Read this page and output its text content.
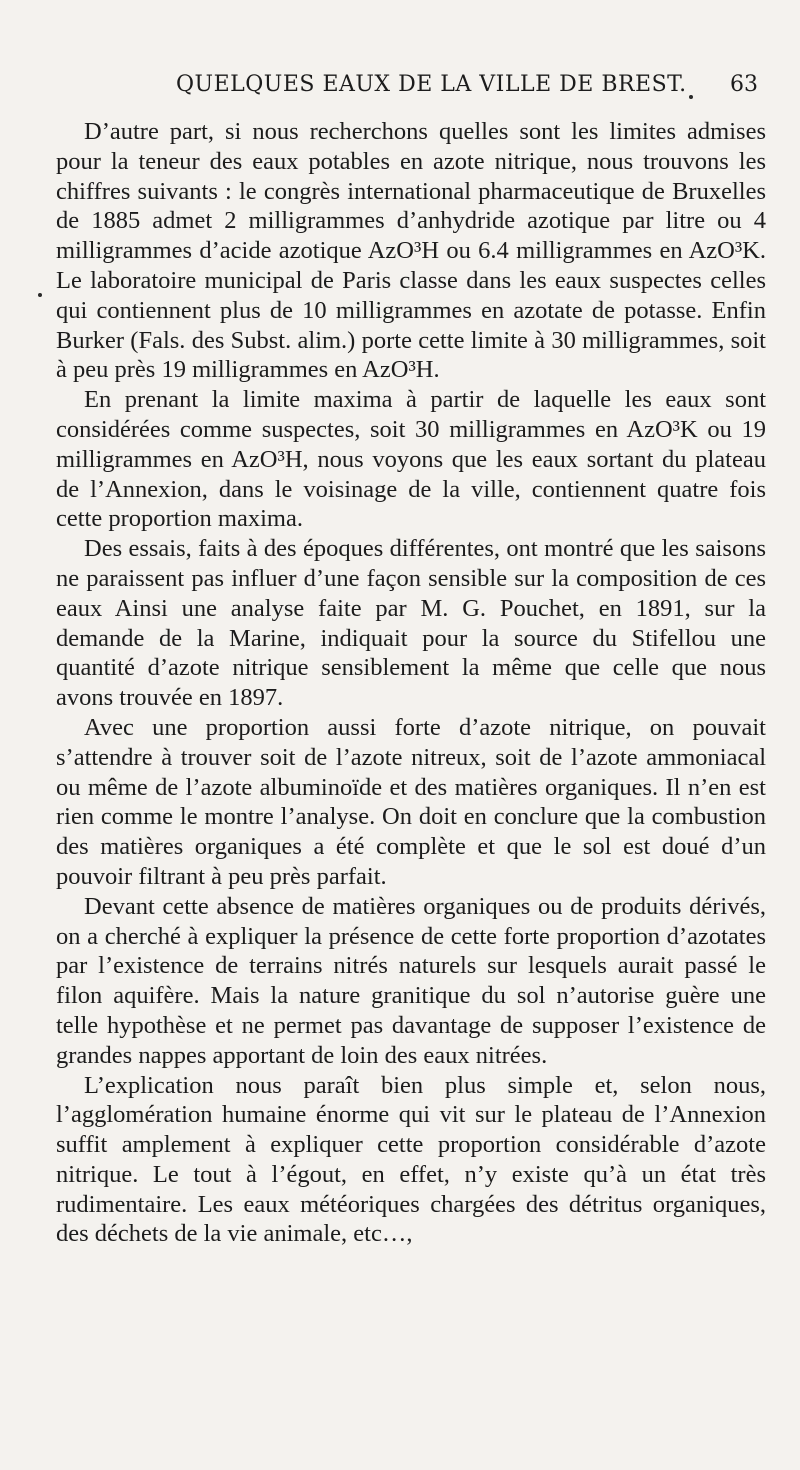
QUELQUES EAUX DE LA VILLE DE BREST. 63

D’autre part, si nous recherchons quelles sont les limites admises pour la teneur des eaux potables en azote nitrique, nous trouvons les chiffres suivants : le congrès international pharmaceutique de Bruxelles de 1885 admet 2 milligrammes d’anhydride azotique par litre ou 4 milligrammes d’acide azotique AzO³H ou 6.4 milligrammes en AzO³K. Le laboratoire municipal de Paris classe dans les eaux suspectes celles qui contiennent plus de 10 milligrammes en azotate de potasse. Enfin Burker (Fals. des Subst. alim.) porte cette limite à 30 milligrammes, soit à peu près 19 milligrammes en AzO³H.

En prenant la limite maxima à partir de laquelle les eaux sont considérées comme suspectes, soit 30 milligrammes en AzO³K ou 19 milligrammes en AzO³H, nous voyons que les eaux sortant du plateau de l’Annexion, dans le voisinage de la ville, contiennent quatre fois cette proportion maxima.

Des essais, faits à des époques différentes, ont montré que les saisons ne paraissent pas influer d’une façon sensible sur la composition de ces eaux Ainsi une analyse faite par M. G. Pouchet, en 1891, sur la demande de la Marine, indiquait pour la source du Stifellou une quantité d’azote nitrique sensiblement la même que celle que nous avons trouvée en 1897.

Avec une proportion aussi forte d’azote nitrique, on pouvait s’attendre à trouver soit de l’azote nitreux, soit de l’azote ammoniacal ou même de l’azote albuminoïde et des matières organiques. Il n’en est rien comme le montre l’analyse. On doit en conclure que la combustion des matières organiques a été complète et que le sol est doué d’un pouvoir filtrant à peu près parfait.

Devant cette absence de matières organiques ou de produits dérivés, on a cherché à expliquer la présence de cette forte proportion d’azotates par l’existence de terrains nitrés naturels sur lesquels aurait passé le filon aquifère. Mais la nature granitique du sol n’autorise guère une telle hypothèse et ne permet pas davantage de supposer l’existence de grandes nappes apportant de loin des eaux nitrées.

L’explication nous paraît bien plus simple et, selon nous, l’agglomération humaine énorme qui vit sur le plateau de l’Annexion suffit amplement à expliquer cette proportion considérable d’azote nitrique. Le tout à l’égout, en effet, n’y existe qu’à un état très rudimentaire. Les eaux météoriques chargées des détritus organiques, des déchets de la vie animale, etc…,
